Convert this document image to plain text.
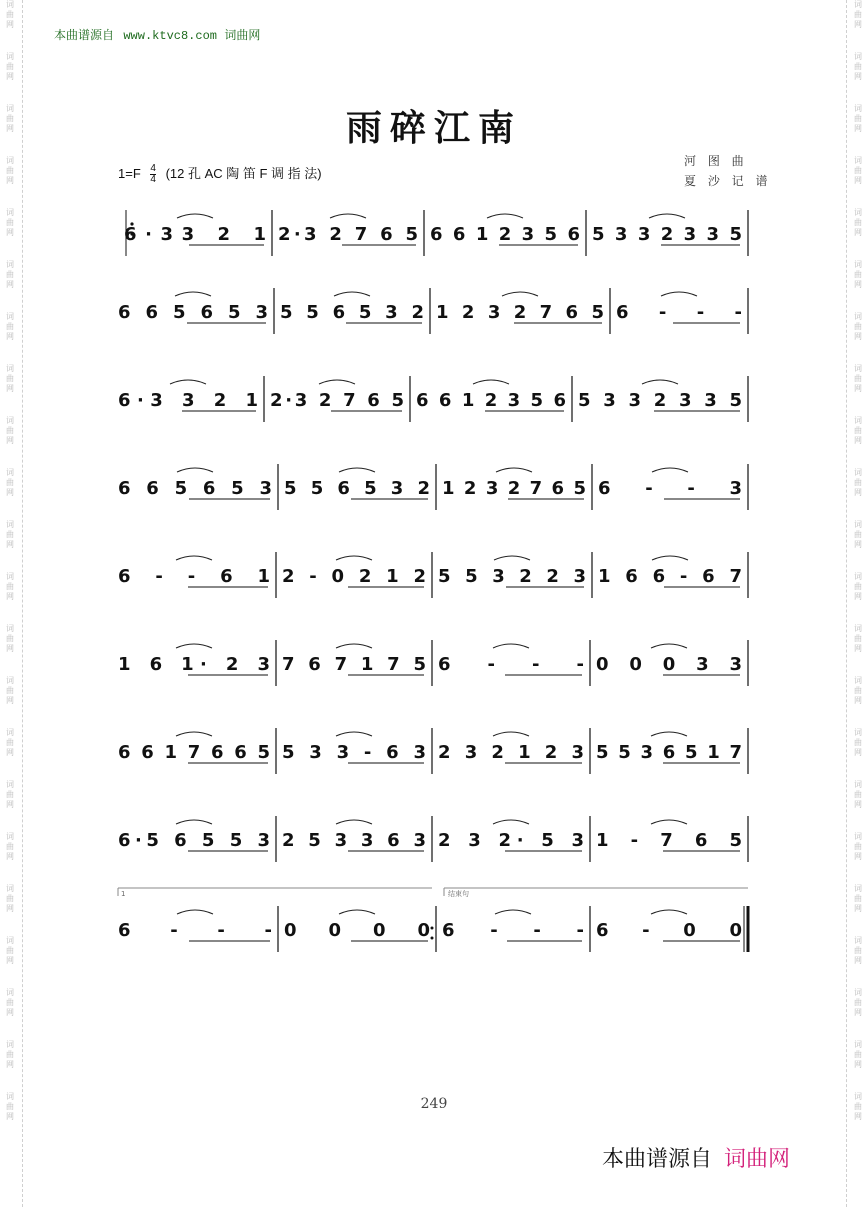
词
曲
网
词
曲
网
词
曲
网
词
曲
网
词
曲
网
词
曲
网
词
曲
网
词
曲
网
词
曲
网
词
曲
网
词
曲
网
词
曲
网
词
曲
网
词
曲
网
词
曲
网
词
曲
网
词
曲
网
词
曲
网
词
曲
网
词
曲
网
词
曲
网
词
曲
网
词
曲
网
词
曲
网
词
曲
网
词
曲
网
词
曲
网
词
曲
网
词
曲
网
词
曲
网
词
曲
网
词
曲
网
词
曲
网
词
曲
网
词
曲
网
词
曲
网
词
曲
网
词
曲
网
词
曲
网
词
曲
网
词
曲
网
词
曲
网
词
曲
网
词
曲
网
本曲谱源自 www.ktvc8.com 词曲网
雨碎江南
$1=F \frac{4}{4} (12$ 孔 AC 陶 笛 F 调 指 法)
河 图 曲
夏 沙 记 谱
6·33 2 1 2·3 2 7 6 5 6 6 1 2 3 5 6 5 3 3 2 3 3 5
6 6 5 6 5 3 5 5 6 5 3 2 1 2 3 2 7 6 5 6 - - -
6·3 3 2 1 2·3 2 7 6 5 6 6 1 2 3 5 6 5 3 3 2 3 3 5
6 6 5 6 5 3 5 5 6 5 3 2 1 2 3 2 7 6 5 6 - - 3
6 - - 6 1 2 - 0 2 1 2 5 5 3 2 2 3 1 6 6 - 6 7
1 6 1· 2 3 7 6 7 1 7 5 6 - - - 0 0 0 3 3
6 6 1 7 6 6 5 5 3 3 - 6 3 2 3 2 1 2 3 5 5 3 6 5 1 7
6·5 6 5 5 3 2 5 3 3 6 3 2 3 2· 5 3 1 - 7 6 5
1	结束句
6 - - - 0 0 0 0 6 - - - 6 - 0 0
249
本曲谱源自 词曲网
